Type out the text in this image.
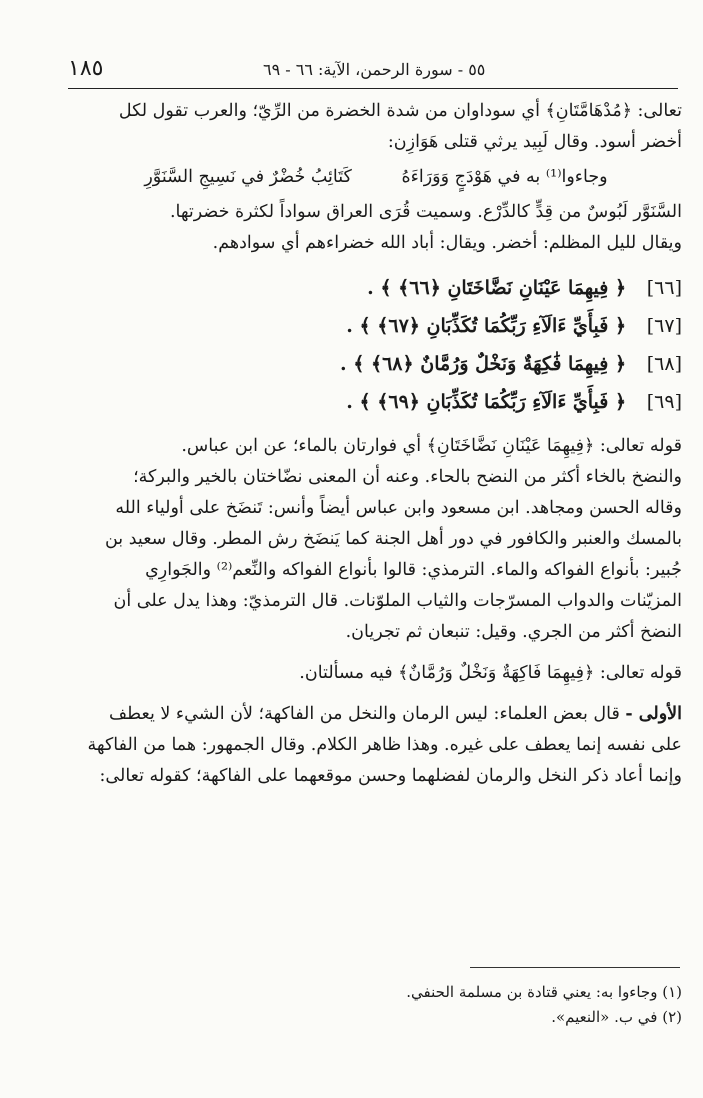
١٨٥	٥٥ - سورة الرحمن، الآية: ٦٦ - ٦٩

تعالى: ﴿مُدْهَامَّتَانِ﴾ أي سوداوان من شدة الخضرة من الرِّيّ؛ والعرب تقول لكل

أخضر أسود. وقال لَبِيد يرثي قتلى هَوَازِن:

وجاءوا⁽¹⁾ به في هَوْدَجٍ وَوَرَاءَهُ كَتَائِبُ خُضْرٌ في نَسِيجِ السَّنَوَّرِ

السَّنَوَّر لَبُوسٌ من قِدٍّ كالدِّرْع. وسميت قُرَى العراق سواداً لكثرة خضرتها.

ويقال لليل المظلم: أخضر. ويقال: أباد الله خضراءهم أي سوادهم.

[٦٦] ﴿ فِيهِمَا عَيْنَانِ نَضَّاخَتَانِ ﴿٦٦﴾ ﴾ .
[٦٧] ﴿ فَبِأَيِّ ءَالَآءِ رَبِّكُمَا تُكَذِّبَانِ ﴿٦٧﴾ ﴾ .
[٦٨] ﴿ فِيهِمَا فَٰكِهَةٌ وَنَخْلٌ وَرُمَّانٌ ﴿٦٨﴾ ﴾ .
[٦٩] ﴿ فَبِأَيِّ ءَالَآءِ رَبِّكُمَا تُكَذِّبَانِ ﴿٦٩﴾ ﴾ .

قوله تعالى: ﴿فِيهِمَا عَيْنَانِ نَضَّاخَتَانِ﴾ أي فوارتان بالماء؛ عن ابن عباس.

والنضخ بالخاء أكثر من النضح بالحاء. وعنه أن المعنى نضّاختان بالخير والبركة؛

وقاله الحسن ومجاهد. ابن مسعود وابن عباس أيضاً وأنس: تَنضَخ على أولياء الله

بالمسك والعنبر والكافور في دور أهل الجنة كما يَنضَخ رش المطر. وقال سعيد بن

جُبير: بأنواع الفواكه والماء. الترمذي: قالوا بأنواع الفواكه والنِّعم⁽²⁾ والجَوارِي

المزيّنات والدواب المسرّجات والثياب الملوّنات. قال الترمذيّ: وهذا يدل على أن

النضخ أكثر من الجري. وقيل: تنبعان ثم تجريان.

قوله تعالى: ﴿فِيهِمَا فَاكِهَةٌ وَنَخْلٌ وَرُمَّانٌ﴾ فيه مسألتان.

الأولى - قال بعض العلماء: ليس الرمان والنخل من الفاكهة؛ لأن الشيء لا يعطف

على نفسه إنما يعطف على غيره. وهذا ظاهر الكلام. وقال الجمهور: هما من الفاكهة

وإنما أعاد ذكر النخل والرمان لفضلهما وحسن موقعهما على الفاكهة؛ كقوله تعالى:

(١) وجاءوا به: يعني قتادة بن مسلمة الحنفي.
(٢) في ب. «النعيم».
